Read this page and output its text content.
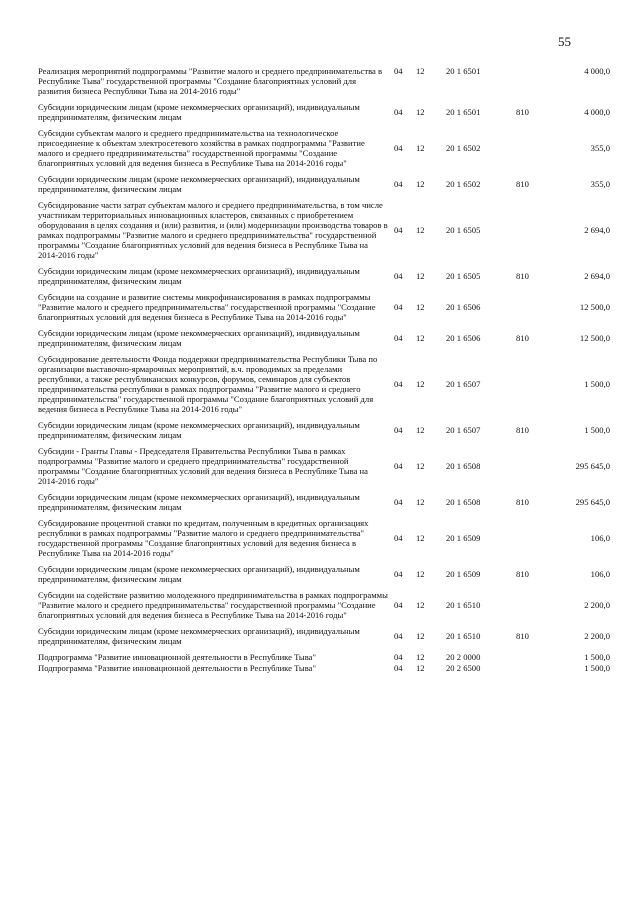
55
Реализация мероприятий подпрограммы "Развитие малого и среднего предпринимательства в Республике Тыва" государственной программы "Создание благоприятных условий для развития бизнеса Республики Тыва на 2014-2016 годы"	04	12	20 1 6501		4 000,0
Субсидии юридическим лицам (кроме некоммерческих организаций), индивидуальным предпринимателям, физическим лицам	04	12	20 1 6501	810	4 000,0
Субсидии субъектам малого и среднего предпринимательства на технологическое присоединение к объектам электросетевого хозяйства в рамках подпрограммы "Развитие малого и среднего предпринимательства" государственной программы "Создание благоприятных условий для ведения бизнеса в Республике Тыва на 2014-2016 годы"	04	12	20 1 6502		355,0
Субсидии юридическим лицам (кроме некоммерческих организаций), индивидуальным предпринимателям, физическим лицам	04	12	20 1 6502	810	355,0
Субсидирование части затрат субъектам малого и среднего предпринимательства, в том числе участникам территориальных инновационных кластеров, связанных с приобретением оборудования в целях создания и (или) развития, и (или) модернизации производства товаров в рамках подпрограммы "Развитие малого и среднего предпринимательства" государственной программы "Создание благоприятных условий для ведения бизнеса в Республике Тыва на 2014-2016 годы"	04	12	20 1 6505		2 694,0
Субсидии юридическим лицам (кроме некоммерческих организаций), индивидуальным предпринимателям, физическим лицам	04	12	20 1 6505	810	2 694,0
Субсидии на создание и развитие системы микрофинансирования в рамках подпрограммы "Развитие малого и среднего предпринимательства" государственной программы "Создание благоприятных условий для ведения бизнеса в Республике Тыва на 2014-2016 годы"	04	12	20 1 6506		12 500,0
Субсидии юридическим лицам (кроме некоммерческих организаций), индивидуальным предпринимателям, физическим лицам	04	12	20 1 6506	810	12 500,0
Субсидирование деятельности Фонда поддержки предпринимательства Республики Тыва по организации выставочно-ярмарочных мероприятий, в.ч. проводимых за пределами республики, а также республиканских конкурсов, форумов, семинаров для субъектов предпринимательства республики в рамках подпрограммы "Развитие малого и среднего предпринимательства" государственной программы "Создание благоприятных условий для ведения бизнеса в Республике Тыва на 2014-2016 годы"	04	12	20 1 6507		1 500,0
Субсидии юридическим лицам (кроме некоммерческих организаций), индивидуальным предпринимателям, физическим лицам	04	12	20 1 6507	810	1 500,0
Субсидии - Гранты Главы - Председателя Правительства Республики Тыва в рамках подпрограммы "Развитие малого и среднего предпринимательства" государственной программы "Создание благоприятных условий для ведения бизнеса в Республике Тыва на 2014-2016 годы"	04	12	20 1 6508		295 645,0
Субсидии юридическим лицам (кроме некоммерческих организаций), индивидуальным предпринимателям, физическим лицам	04	12	20 1 6508	810	295 645,0
Субсидирование процентной ставки по кредитам, полученным в кредитных организациях республики в рамках подпрограммы "Развитие малого и среднего предпринимательства" государственной программы "Создание благоприятных условий для ведения бизнеса в Республике Тыва на 2014-2016 годы"	04	12	20 1 6509		106,0
Субсидии юридическим лицам (кроме некоммерческих организаций), индивидуальным предпринимателям, физическим лицам	04	12	20 1 6509	810	106,0
Субсидии на содействие развитию молодежного предпринимательства в рамках подпрограммы "Развитие малого и среднего предпринимательства" государственной программы "Создание благоприятных условий для ведения бизнеса в Республике Тыва на 2014-2016 годы"	04	12	20 1 6510		2 200,0
Субсидии юридическим лицам (кроме некоммерческих организаций), индивидуальным предпринимателям, физическим лицам	04	12	20 1 6510	810	2 200,0
Подпрограмма "Развитие инновационной деятельности в Республике Тыва"	04	12	20 2 0000		1 500,0
Подпрограмма "Развитие инновационной деятельности в Республике Тыва"	04	12	20 2 6500		1 500,0
